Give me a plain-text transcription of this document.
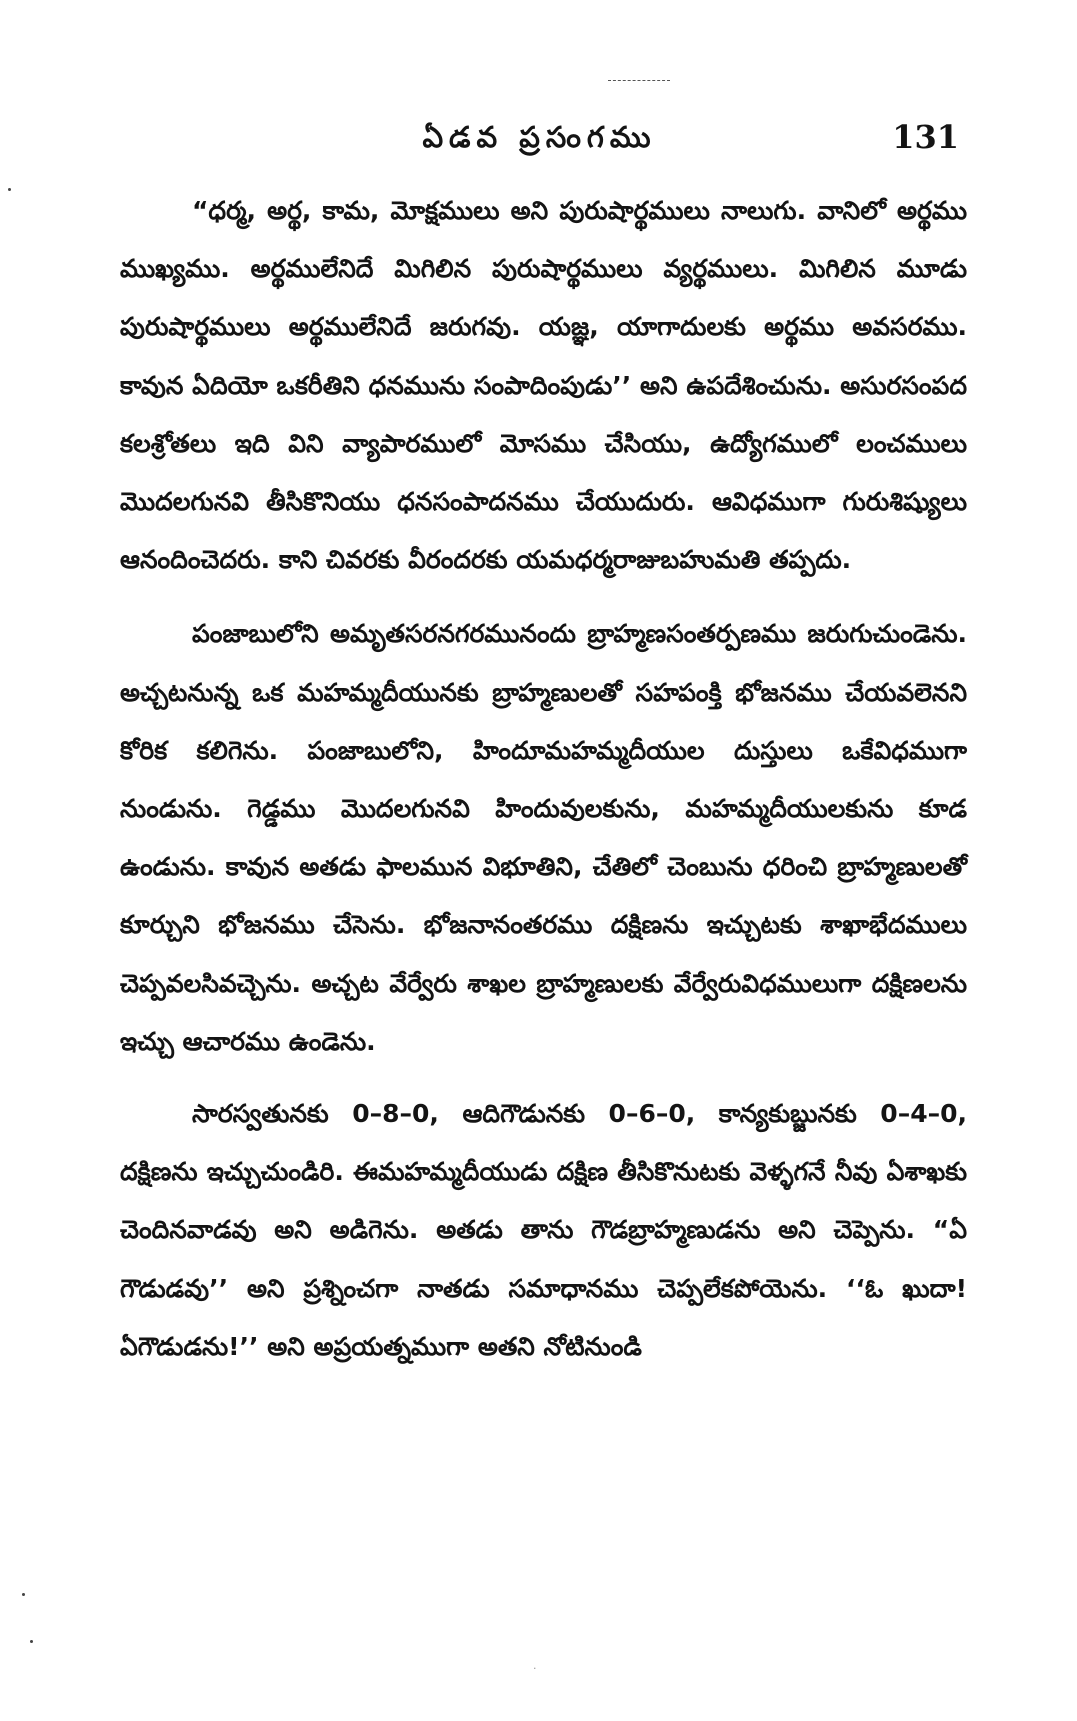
ఏడవ ప్రసంగము	131

“ధర్మ, అర్థ, కామ, మోక్షములు అని పురుషార్థములు నాలుగు. వానిలో అర్థము ముఖ్యము. అర్థములేనిదే మిగిలిన పురుషార్థములు వ్యర్థములు. మిగిలిన మూడు పురుషార్థములు అర్థములేనిదే జరుగవు. యజ్ఞ, యాగాదులకు అర్థము అవసరము. కావున ఏదియో ఒకరీతిని ధనమును సంపాదింపుడు’’ అని ఉపదేశించును. అసురసంపద కలశ్రోతలు ఇది విని వ్యాపారములో మోసము చేసియు, ఉద్యోగములో లంచములు మొదలగునవి తీసికొనియు ధనసంపాదనము చేయుదురు. ఆవిధముగా గురుశిష్యులు ఆనందించెదరు. కాని చివరకు వీరందరకు యమధర్మరాజుబహుమతి తప్పదు.

పంజాబులోని అమృతసరనగరమునందు బ్రాహ్మణసంతర్పణము జరుగుచుండెను. అచ్చటనున్న ఒక మహమ్మదీయునకు బ్రాహ్మణులతో సహపంక్తి భోజనము చేయవలెనని కోరిక కలిగెను. పంజాబులోని, హిందూమహమ్మదీయుల దుస్తులు ఒకేవిధముగా నుండును. గెడ్డము మొదలగునవి హిందువులకును, మహమ్మదీయులకును కూడ ఉండును. కావున అతడు ఫాలమున విభూతిని, చేతిలో చెంబును ధరించి బ్రాహ్మణులతో కూర్చుని భోజనము చేసెను. భోజనానంతరము దక్షిణను ఇచ్చుటకు శాఖాభేదములు చెప్పవలసివచ్చెను. అచ్చట వేర్వేరు శాఖల బ్రాహ్మణులకు వేర్వేరువిధములుగా దక్షిణలను ఇచ్చు ఆచారము ఉండెను.

సారస్వతునకు 0–8–0, ఆదిగౌడునకు 0–6–0, కాన్యకుబ్జునకు 0–4–0, దక్షిణను ఇచ్చుచుండిరి. ఈమహమ్మదీయుడు దక్షిణ తీసికొనుటకు వెళ్ళగనే నీవు ఏశాఖకు చెందినవాడవు అని అడిగెను. అతడు తాను గౌడబ్రాహ్మణుడను అని చెప్పెను. “ఏ గౌడుడవు’’ అని ప్రశ్నించగా నాతడు సమాధానము చెప్పలేకపోయెను. ‘‘ఓ ఖుదా! ఏగౌడుడను!’’ అని అప్రయత్నముగా అతని నోటినుండి

·
